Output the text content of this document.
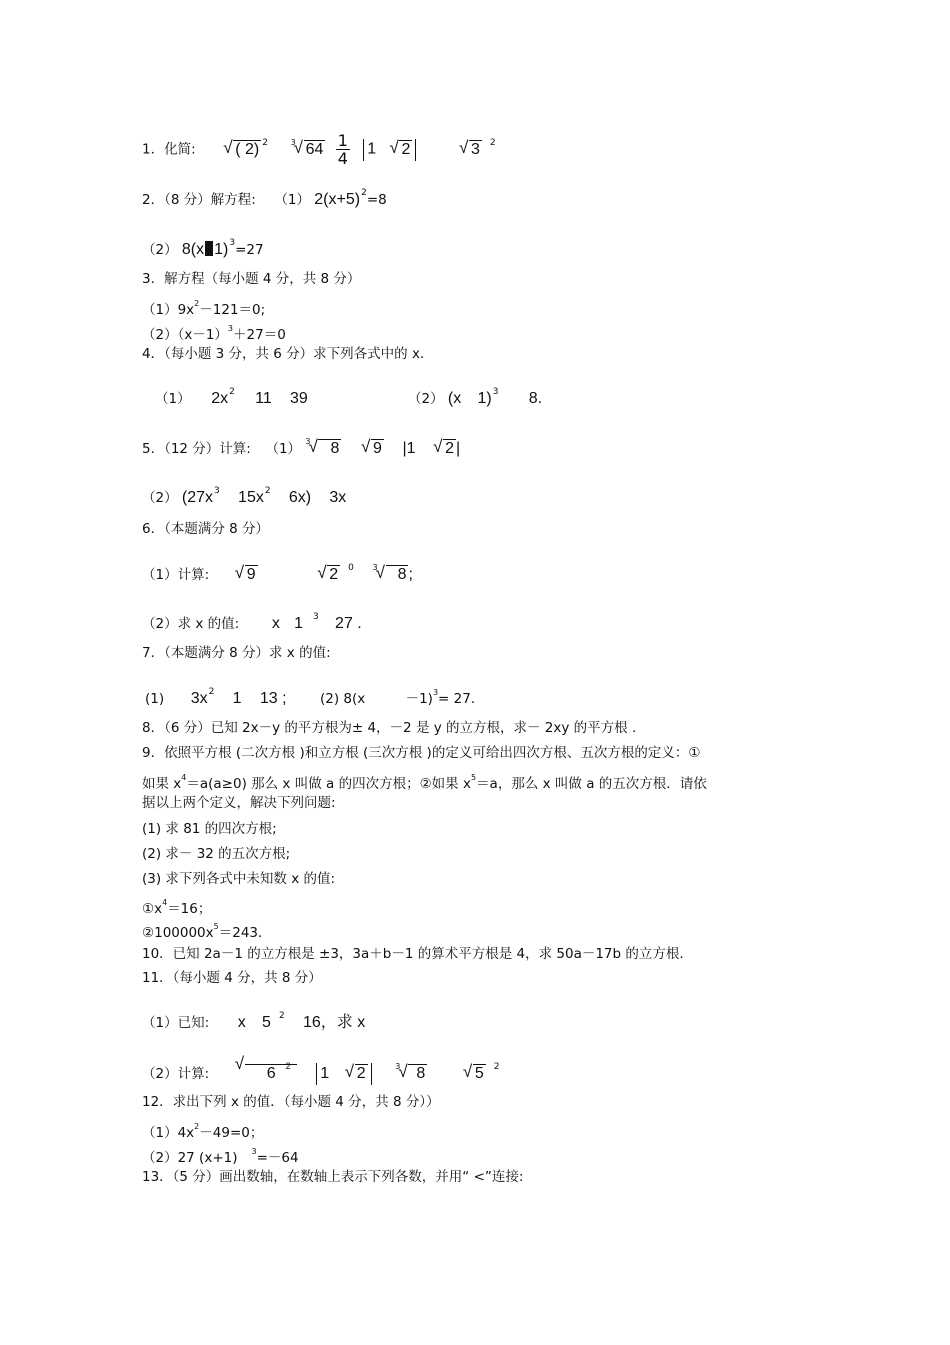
1．化简: √ ( 2) $^2$	$^3$ √ $64 \frac{1}{4} 1$ √ 2	√ 3 $^2$
2．（8 分）解方程: （1） $2(x+5)^2=8$
（2） 8(x 1)$^3$=27
3．解方程（每小题 4 分，共 8 分）
$(1)9x^2-121=0$;
$(2)(x-1)^3+27=0$
4．（每小题 3 分，共 6 分）求下列各式中的 x．
（1） $2x^2$ 11 39	（2） (x 1)$^3$ 8.
5．（12 分）计算: （1） $^3$ √ 8 √ 9 |1 √ 2 |
（2） ($27x^3$ $15x^2$ 6x) 3x
6．（本题满分 8 分）
（1）计算: √ 9	√ 2 $^0$ $^3$ √ 8 ;
（2）求 x 的值: x 1 $^3$ 27 .
7．（本题满分 8 分）求 x 的值:
(1) $3x^2$ 1 13 ; (2) 8(x	－1)$^3$= 27.
8．（6 分）已知 2x－y 的平方根为± 4，－2 是 y 的立方根，求－ 2xy 的平方根 .
9．依照平方根 (二次方根 )和立方根 (三次方根 )的定义可给出四次方根、五次方根的定义：①
如果 $x^4=a(a\ge 0)$ 那么 x 叫做 a 的四次方根；②如果 $x^5=a$，那么 x 叫做 a 的五次方根．请依
据以上两个定义，解决下列问题:
(1) 求 81 的四次方根;
(2) 求－ 32 的五次方根;
(3) 求下列各式中未知数 x 的值:
$①x^4=16$；
$②100000x^5=243$．
10．已知 2a－1 的立方根是 ±3，3a＋b－1 的算术平方根是 4，求 50a－17b 的立方根.
11．（每小题 4 分，共 8 分）
（1）已知: x 5 $^2$ 16，求 x
（2）计算:	√ 6 $^2$ 1 √ 2	$^3$ √ 8	√ 5 $^2$
12．求出下列 x 的值．（每小题 4 分，共 8 分））
$(1)4x^2-49=0$；
（2）27 (x+1) $^3$=－64
13．（5 分）画出数轴，在数轴上表示下列各数，并用“ <”连接:
